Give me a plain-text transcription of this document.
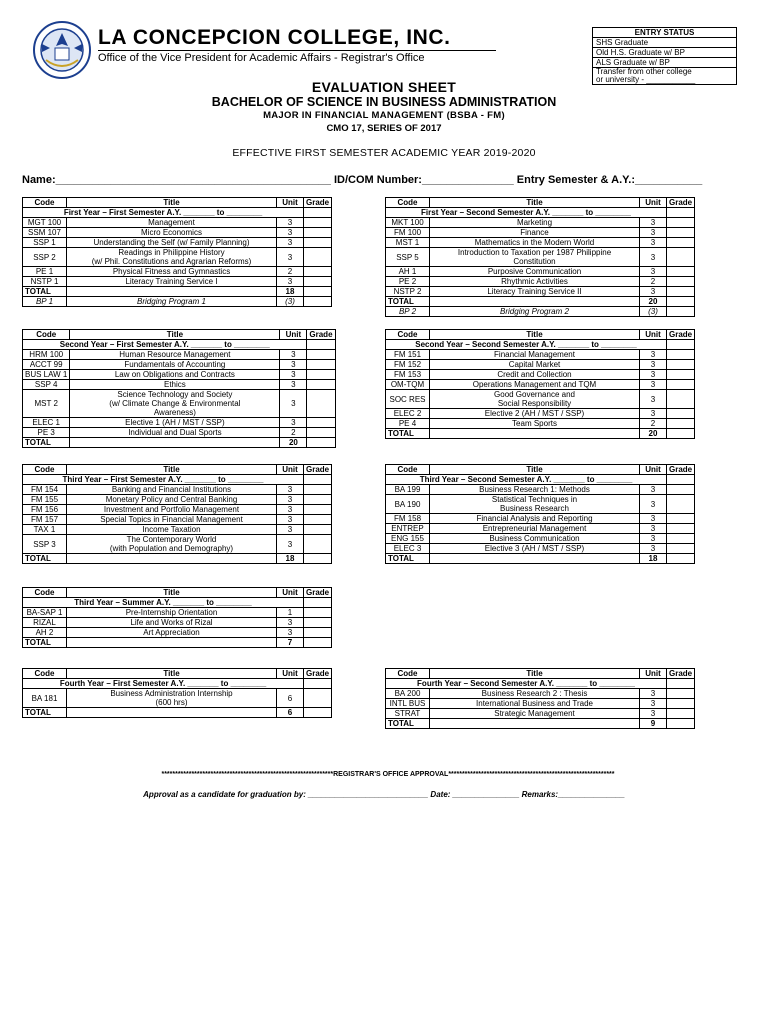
LA CONCEPCION COLLEGE, INC.
Office of the Vice President for Academic Affairs - Registrar's Office
ENTRY STATUS
SHS Graduate
Old H.S. Graduate w/ BP
ALS Graduate w/ BP
Transfer from other college
or university - ___________
EVALUATION SHEET
BACHELOR OF SCIENCE IN BUSINESS ADMINISTRATION
MAJOR IN FINANCIAL MANAGEMENT (BSBA - FM)
CMO 17, SERIES OF 2017
EFFECTIVE FIRST SEMESTER ACADEMIC YEAR 2019-2020
Name:_____________________________________________ ID/COM Number:_______________ Entry Semester & A.Y.:___________
Code	Title	Unit	Grade
First Year – First Semester A.Y. _______ to ________			
MGT 100	Management	3	
SSM 107	Micro Economics	3	
SSP 1	Understanding the Self (w/ Family Planning)	3	
SSP 2	Readings in Philippine History
(w/ Phil. Constitutions and Agrarian Reforms)	3	
PE 1	Physical Fitness and Gymnastics	2	
NSTP 1	Literacy Training Service I	3	
TOTAL		18	
BP 1	Bridging Program 1	(3)	
Code	Title	Unit	Grade
First Year – Second Semester A.Y. _______ to ________			
MKT 100	Marketing	3	
FM 100	Finance	3	
MST 1	Mathematics in the Modern World	3	
SSP 5	Introduction to Taxation per 1987 Philippine
Constitution	3	
AH 1	Purposive Communication	3	
PE 2	Rhythmic Activities	2	
NSTP 2	Literacy Training Service II	3	
TOTAL		20	
BP 2	Bridging Program 2	(3)	
Code	Title	Unit	Grade
Second Year – First Semester A.Y. _______ to ________			
HRM 100	Human Resource Management	3	
ACCT 99	Fundamentals of Accounting	3	
BUS LAW 1	Law on Obligations and Contracts	3	
SSP 4	Ethics	3	
MST 2	Science Technology and Society
(w/ Climate Change & Environmental
Awareness)	3	
ELEC 1	Elective 1 (AH / MST / SSP)	3	
PE 3	Individual and Dual Sports	2	
TOTAL		20	
Code	Title	Unit	Grade
Second Year – Second Semester A.Y. _______ to ________			
FM 151	Financial Management	3	
FM 152	Capital Market	3	
FM 153	Credit and Collection	3	
OM-TQM	Operations Management and TQM	3	
SOC RES	Good Governance and
Social Responsibility	3	
ELEC 2	Elective 2 (AH / MST / SSP)	3	
PE 4	Team Sports	2	
TOTAL		20	
Code	Title	Unit	Grade
Third Year – First Semester A.Y. _______ to ________			
FM 154	Banking and Financial Institutions	3	
FM 155	Monetary Policy and Central Banking	3	
FM 156	Investment and Portfolio Management	3	
FM 157	Special Topics in Financial Management	3	
TAX 1	Income Taxation	3	
SSP 3	The Contemporary World
(with Population and Demography)	3	
TOTAL		18	
Code	Title	Unit	Grade
Third Year – Second Semester A.Y. _______ to ________			
BA 199	Business Research 1: Methods	3	
BA 190	Statistical Techniques in
Business Research	3	
FM 158	Financial Analysis and Reporting	3	
ENTREP	Entrepreneurial Management	3	
ENG 155	Business Communication	3	
ELEC 3	Elective 3 (AH / MST / SSP)	3	
TOTAL		18	
Code	Title	Unit	Grade
Third Year – Summer A.Y. _______ to ________			
BA-SAP 1	Pre-Internship Orientation	1	
RIZAL	Life and Works of Rizal	3	
AH 2	Art Appreciation	3	
TOTAL		7	
Code	Title	Unit	Grade
Fourth Year – First Semester A.Y. _______ to ________			
BA 181	Business Administration Internship
(600 hrs)	6	
TOTAL		6	
Code	Title	Unit	Grade
Fourth Year – Second Semester A.Y. _______ to ________			
BA 200	Business Research 2 : Thesis	3	
INTL BUS	International Business and Trade	3	
STRAT	Strategic Management	3	
TOTAL		9	
***************************************************************REGISTRAR'S OFFICE APPROVAL*************************************************************
Approval as a candidate for graduation by: ___________________________ Date: _______________ Remarks:_______________
